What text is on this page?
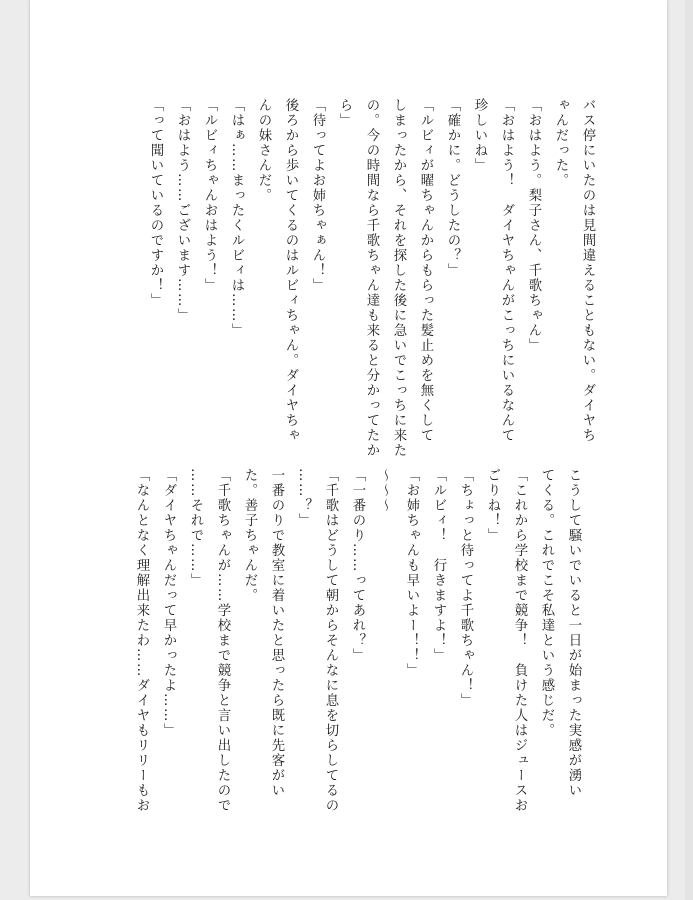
バス停にいたのは見間違えることもない。ダイヤち
ゃんだった。
「おはよう。梨子さん、千歌ちゃん」
「おはよう！　ダイヤちゃんがこっちにいるなんて
珍しいね」
「確かに。どうしたの？」
「ルビィが曜ちゃんからもらった髪止めを無くして
しまったから、それを探した後に急いでこっちに来た
の。今の時間なら千歌ちゃん達も来ると分かってたか
ら」
「待ってよお姉ちゃぁん！」
後ろから歩いてくるのはルビィちゃん。ダイヤちゃ
んの妹さんだ。
「はぁ……まったくルビィは……」
「ルビィちゃんおはよう！」
「おはよう……ございます……」
「って聞いているのですか！」
こうして騒いでいると一日が始まった実感が湧い
てくる。これでこそ私達という感じだ。
「これから学校まで競争！　負けた人はジュースお
ごりね！」
「ちょっと待ってよ千歌ちゃん！」
「ルビィ！　行きますよ！」
「お姉ちゃんも早いよー！！」
〜〜〜
「一番のり……ってあれ？」
「千歌はどうして朝からそんなに息を切らしてるの
……？」
一番のりで教室に着いたと思ったら既に先客がい
た。善子ちゃんだ。
「千歌ちゃんが……学校まで競争と言い出したので
……それで……」
「ダイヤちゃんだって早かったよ……」
「なんとなく理解出来たわ……ダイヤもリリーもお
